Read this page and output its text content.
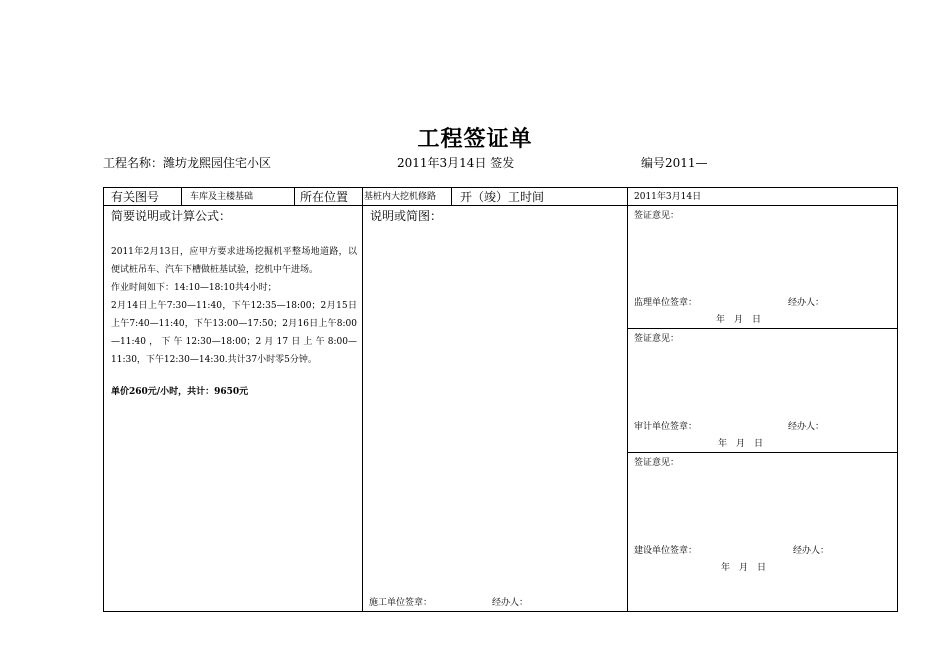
工程签证单
工程名称：潍坊龙熙园住宅小区	2011年3月14日 签发	编号2011—
有关图号	车库及主楼基础	所在位置 基桩内大挖机修路 开（竣）工时间	2011年3月14日
简要说明或计算公式：

2011年2月13日，应甲方要求进场挖掘机平整场地道路，以便试桩吊车、汽车下槽做桩基试验，挖机中午进场。

作业时间如下：14:10—18:10共4小时；

2月14日上午7:30—11:40，下午12:35—18:00；2月15日上午7:40—11:40，下午13:00—17:50；2月16日上午8:00—11:40，下午12:30—18:00；2月17日上午8:00—11:30，下午12:30—14:30.共计37小时零5分钟。

单价260元/小时，共计：9650元

说明或简图：
施工单位签章：	经办人：
签证意见：
监理单位签章：	经办人：
年　月　日
签证意见：
审计单位签章：	经办人：
年　月　日
签证意见：
建设单位签章：	经办人：
年　月　日
